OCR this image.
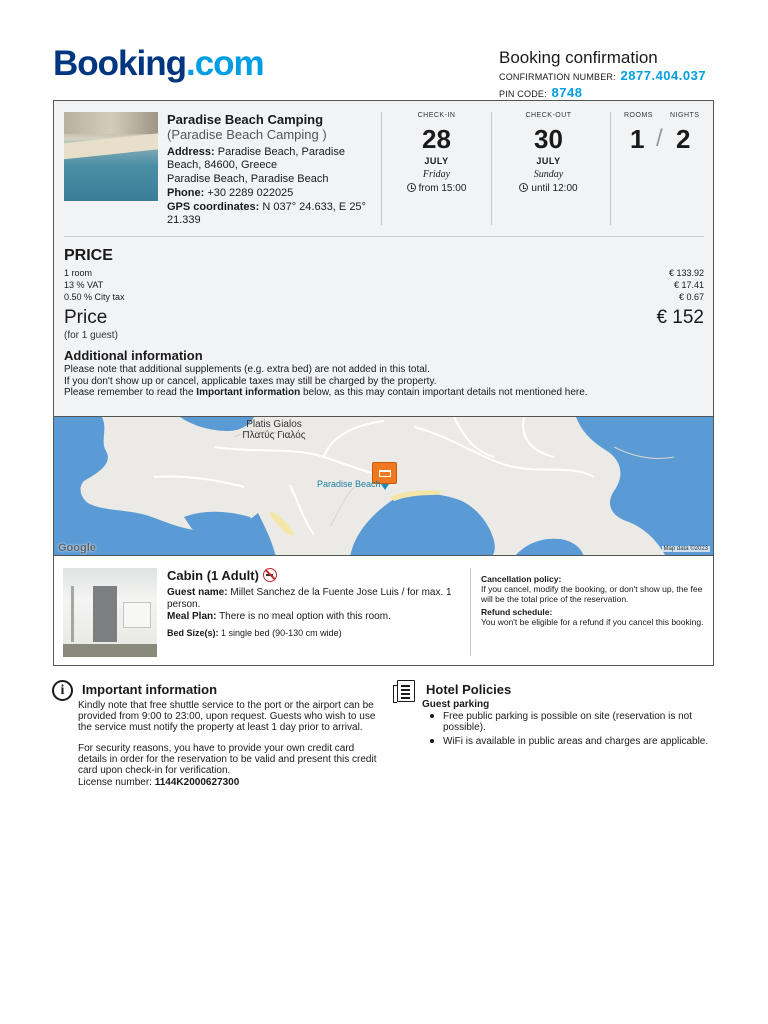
Booking.com	Booking confirmation
CONFIRMATION NUMBER: 2877.404.037
PIN CODE: 8748
Paradise Beach Camping
(Paradise Beach Camping )

Address: Paradise Beach, Paradise Beach, 84600, Greece

Paradise Beach, Paradise Beach

Phone: +30 2289 022025

GPS coordinates: N 037° 24.633, E 25° 21.339

CHECK-IN
28
JULY
Friday
from 15:00
CHECK-OUT
30
JULY
Sunday
until 12:00
ROOMS NIGHTS
1 / 2
PRICE
1 room	€ 133.92
13 % VAT	€ 17.41
0.50 % City tax	€ 0.67
Price	€ 152
(for 1 guest)
Additional information
Please note that additional supplements (e.g. extra bed) are not added in this total.
If you don't show up or cancel, applicable taxes may still be charged by the property.
Please remember to read the Important information below, as this may contain important details not mentioned here.
Platis Gialos
Πλατύς Γιαλός
Paradise Beach
Google	Map data ©2023
Cabin (1 Adult)

Guest name: Millet Sanchez de la Fuente Jose Luis / for max. 1 person.

Meal Plan: There is no meal option with this room.

Bed Size(s): 1 single bed (90-130 cm wide)

Cancellation policy:
If you cancel, modify the booking, or don't show up, the fee will be the total price of the reservation.
Refund schedule:
You won't be eligible for a refund if you cancel this booking.
i	Important information

Kindly note that free shuttle service to the port or the airport can be provided from 9:00 to 23:00, upon request. Guests who wish to use the service must notify the property at least 1 day prior to arrival.

For security reasons, you have to provide your own credit card details in order for the reservation to be valid and present this credit card upon check-in for verification.

License number: 1144K2000627300

Hotel Policies
Guest parking
Free public parking is possible on site (reservation is not possible).
WiFi is available in public areas and charges are applicable.
